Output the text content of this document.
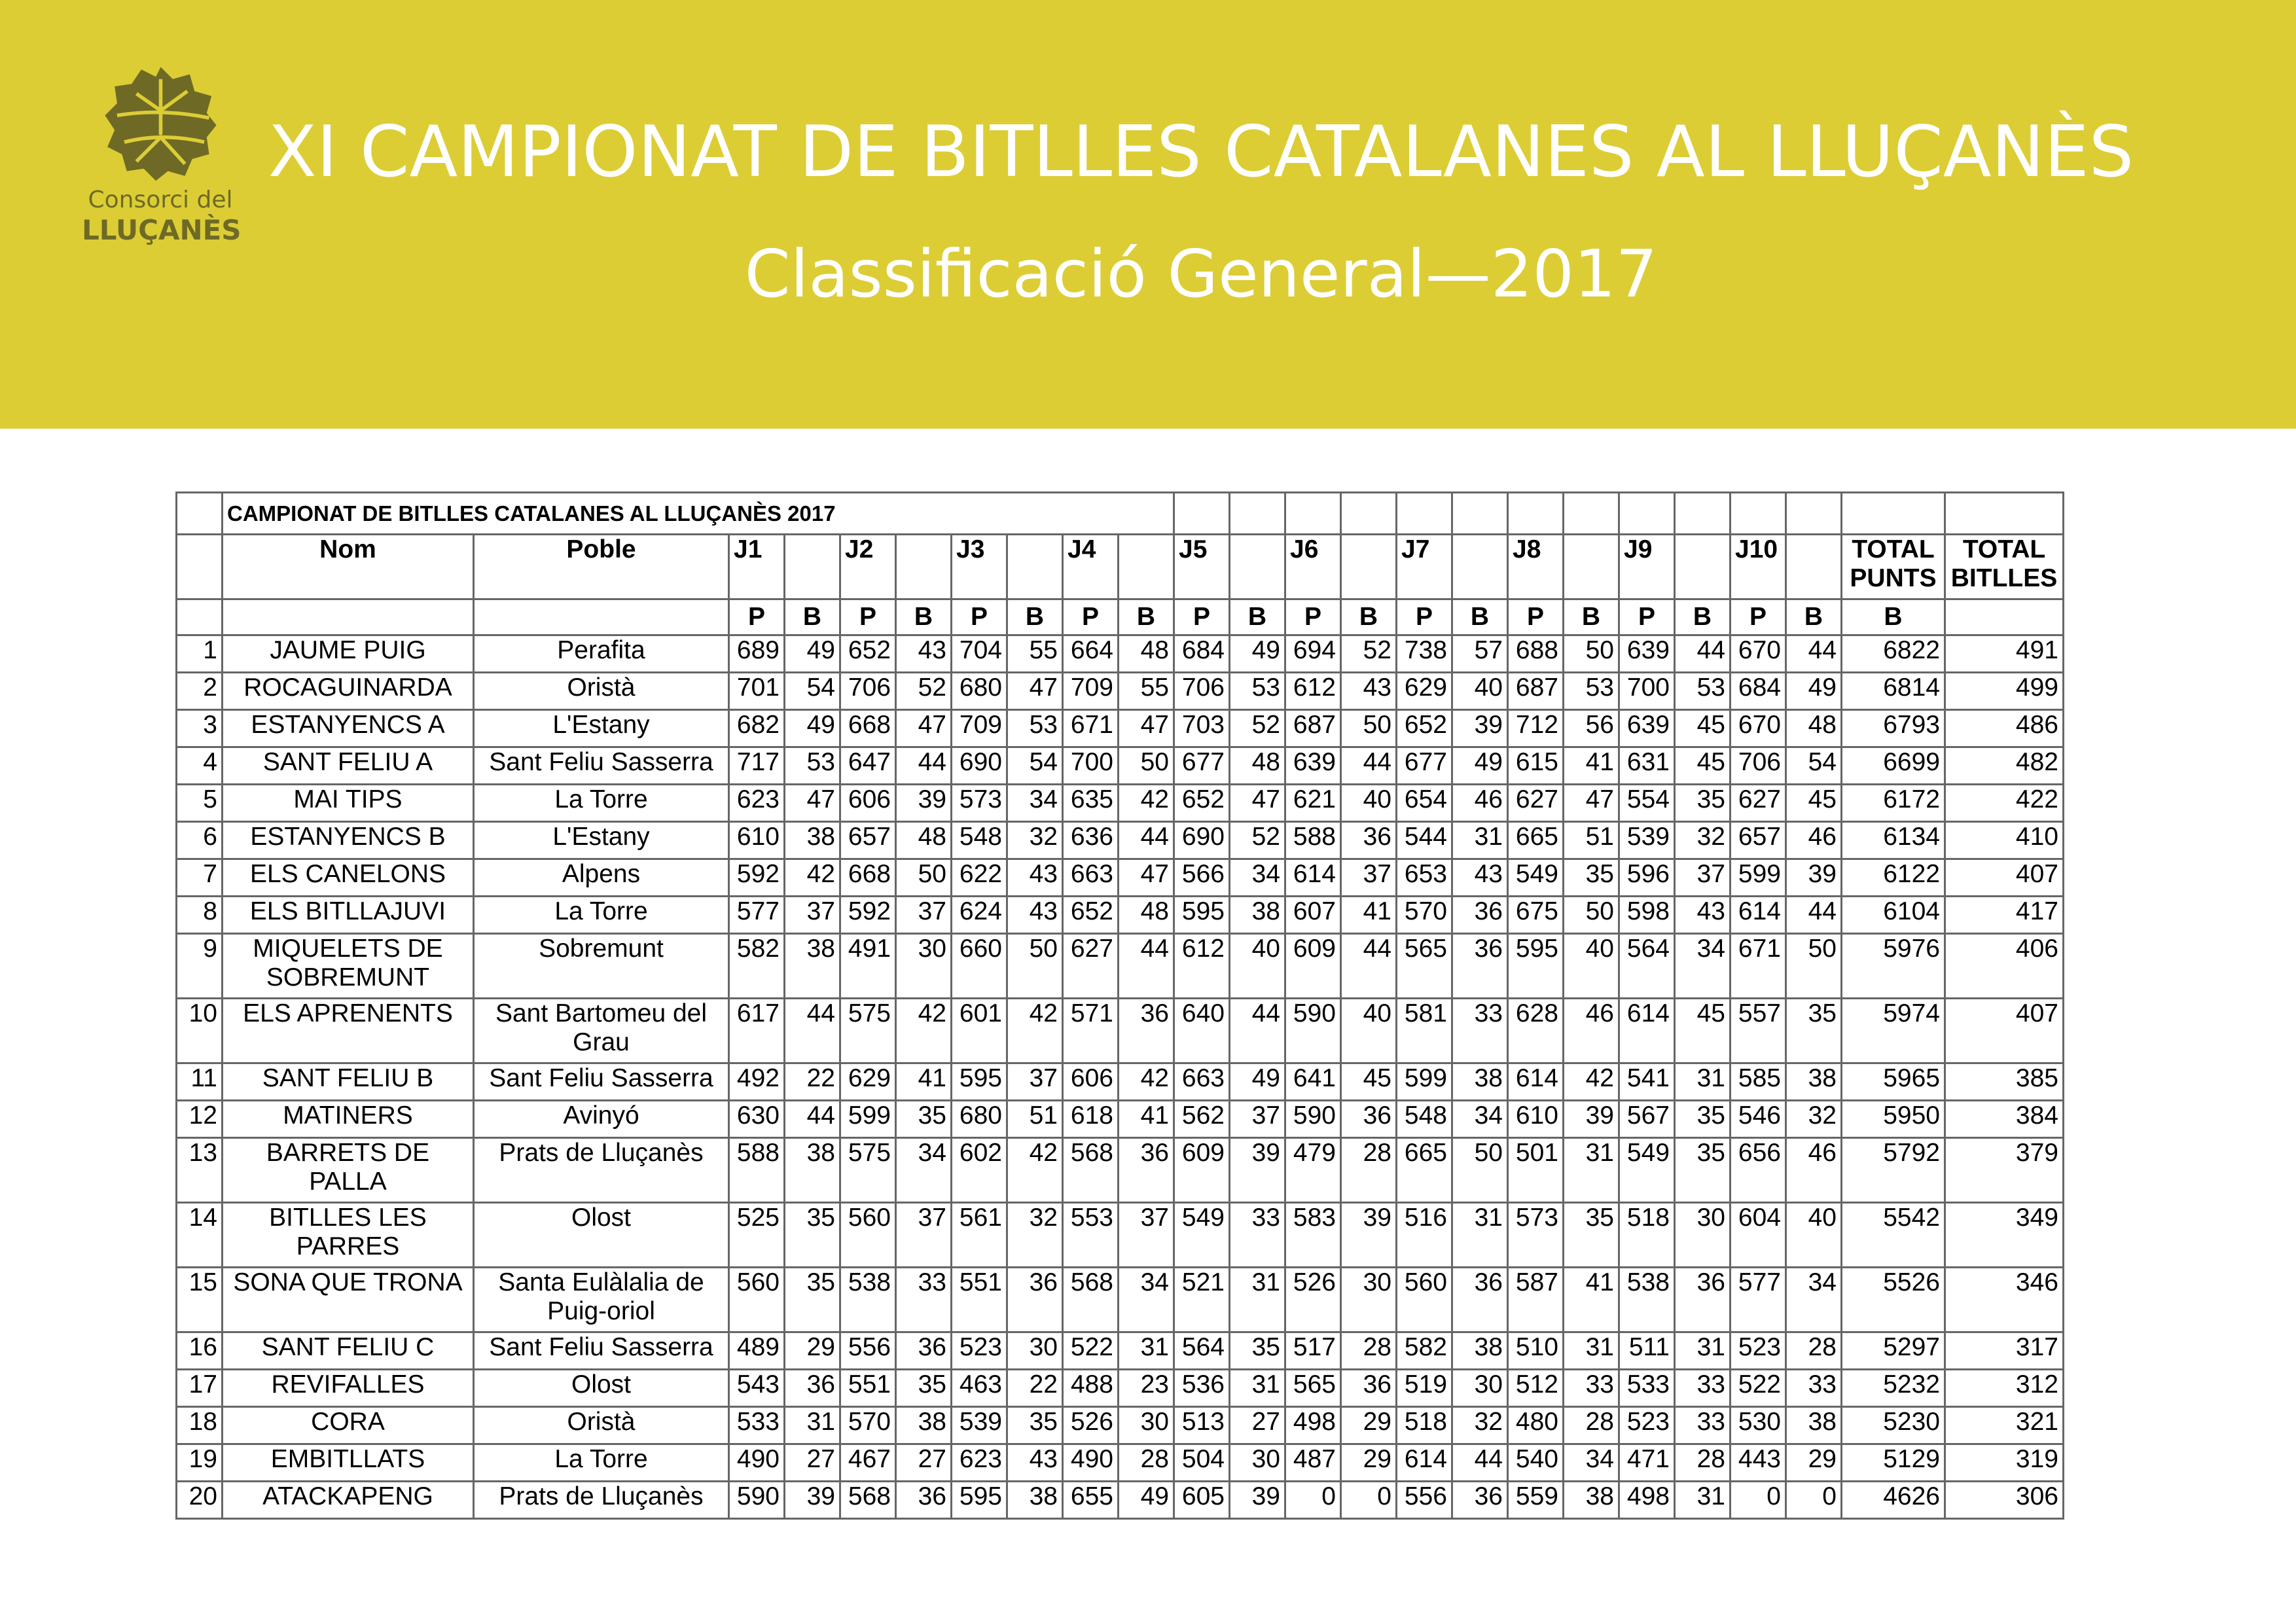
Consorci del
LLUÇANÈS
XI CAMPIONAT DE BITLLES CATALANES AL LLUÇANÈS
Classificació General—2017
	CAMPIONAT DE BITLLES CATALANES AL LLUÇANÈS 2017																							
	Nom	Poble	J1		J2		J3		J4		J5		J6		J7		J8		J9		J10		TOTAL PUNTS	TOTAL BITLLES
			P	B	P	B	P	B	P	B	P	B	P	B	P	B	P	B	P	B	P	B	B	
1	JAUME PUIG	Perafita	689	49	652	43	704	55	664	48	684	49	694	52	738	57	688	50	639	44	670	44	6822	491
2	ROCAGUINARDA	Oristà	701	54	706	52	680	47	709	55	706	53	612	43	629	40	687	53	700	53	684	49	6814	499
3	ESTANYENCS A	L'Estany	682	49	668	47	709	53	671	47	703	52	687	50	652	39	712	56	639	45	670	48	6793	486
4	SANT FELIU A	Sant Feliu Sasserra	717	53	647	44	690	54	700	50	677	48	639	44	677	49	615	41	631	45	706	54	6699	482
5	MAI TIPS	La Torre	623	47	606	39	573	34	635	42	652	47	621	40	654	46	627	47	554	35	627	45	6172	422
6	ESTANYENCS B	L'Estany	610	38	657	48	548	32	636	44	690	52	588	36	544	31	665	51	539	32	657	46	6134	410
7	ELS CANELONS	Alpens	592	42	668	50	622	43	663	47	566	34	614	37	653	43	549	35	596	37	599	39	6122	407
8	ELS BITLLAJUVI	La Torre	577	37	592	37	624	43	652	48	595	38	607	41	570	36	675	50	598	43	614	44	6104	417
9	MIQUELETS DE SOBREMUNT	Sobremunt	582	38	491	30	660	50	627	44	612	40	609	44	565	36	595	40	564	34	671	50	5976	406
10	ELS APRENENTS	Sant Bartomeu del Grau	617	44	575	42	601	42	571	36	640	44	590	40	581	33	628	46	614	45	557	35	5974	407
11	SANT FELIU B	Sant Feliu Sasserra	492	22	629	41	595	37	606	42	663	49	641	45	599	38	614	42	541	31	585	38	5965	385
12	MATINERS	Avinyó	630	44	599	35	680	51	618	41	562	37	590	36	548	34	610	39	567	35	546	32	5950	384
13	BARRETS DE PALLA	Prats de Lluçanès	588	38	575	34	602	42	568	36	609	39	479	28	665	50	501	31	549	35	656	46	5792	379
14	BITLLES LES PARRES	Olost	525	35	560	37	561	32	553	37	549	33	583	39	516	31	573	35	518	30	604	40	5542	349
15	SONA QUE TRONA	Santa Eulàlalia de Puig-oriol	560	35	538	33	551	36	568	34	521	31	526	30	560	36	587	41	538	36	577	34	5526	346
16	SANT FELIU C	Sant Feliu Sasserra	489	29	556	36	523	30	522	31	564	35	517	28	582	38	510	31	511	31	523	28	5297	317
17	REVIFALLES	Olost	543	36	551	35	463	22	488	23	536	31	565	36	519	30	512	33	533	33	522	33	5232	312
18	CORA	Oristà	533	31	570	38	539	35	526	30	513	27	498	29	518	32	480	28	523	33	530	38	5230	321
19	EMBITLLATS	La Torre	490	27	467	27	623	43	490	28	504	30	487	29	614	44	540	34	471	28	443	29	5129	319
20	ATACKAPENG	Prats de Lluçanès	590	39	568	36	595	38	655	49	605	39	0	0	556	36	559	38	498	31	0	0	4626	306
